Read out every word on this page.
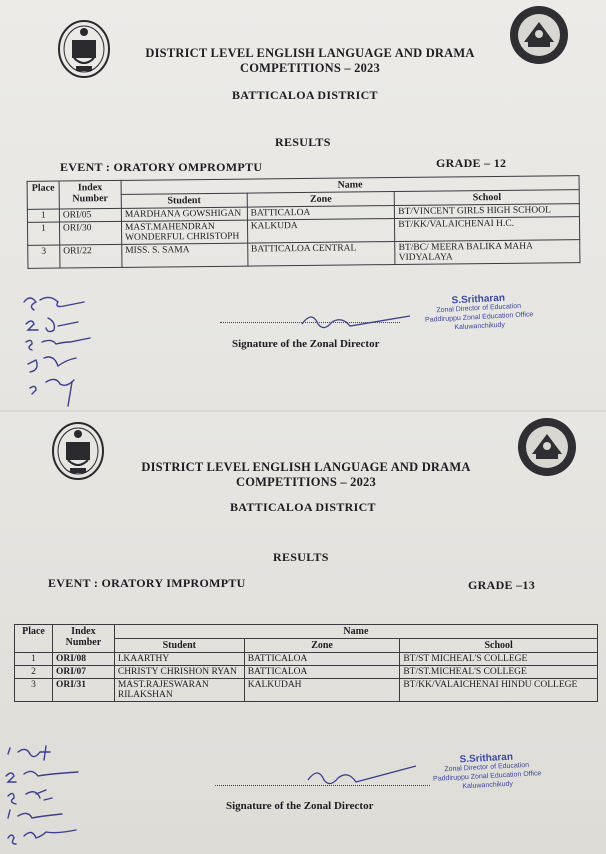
DISTRICT LEVEL ENGLISH LANGUAGE AND DRAMA
COMPETITIONS – 2023
BATTICALOA DISTRICT
RESULTS
EVENT : ORATORY OMPROMPTU	GRADE – 12
Place	Index Number	Name		
		Student	Zone	School
1	ORI/05	MARDHANA GOWSHIGAN	BATTICALOA	BT/VINCENT GIRLS HIGH SCHOOL
1	ORI/30	MAST.MAHENDRAN WONDERFUL CHRISTOPH	KALKUDA	BT/KK/VALAICHENAI H.C.
3	ORI/22	MISS. S. SAMA	BATTICALOA CENTRAL	BT/BC/ MEERA BALIKA MAHA VIDYALAYA
Signature of the Zonal Director
S.Sritharan
Zonal Director of Education
Paddiruppu Zonal Education Office
Kaluwanchikudy
DISTRICT LEVEL ENGLISH LANGUAGE AND DRAMA
COMPETITIONS – 2023
BATTICALOA DISTRICT
RESULTS
EVENT : ORATORY IMPROMPTU	GRADE –13
Place	Index Number	Name		
		Student	Zone	School
1	ORI/08	I.KAARTHY	BATTICALOA	BT/ST MICHEAL'S COLLEGE
2	ORI/07	CHRISTY CHRISHON RYAN	BATTICALOA	BT/ST.MICHEAL'S COLLEGE
3	ORI/31	MAST.RAJESWARAN RILAKSHAN	KALKUDAH	BT/KK/VALAICHENAI HINDU COLLEGE
Signature of the Zonal Director
S.Sritharan
Zonal Director of Education
Paddiruppu Zonal Education Office
Kaluwanchikudy
